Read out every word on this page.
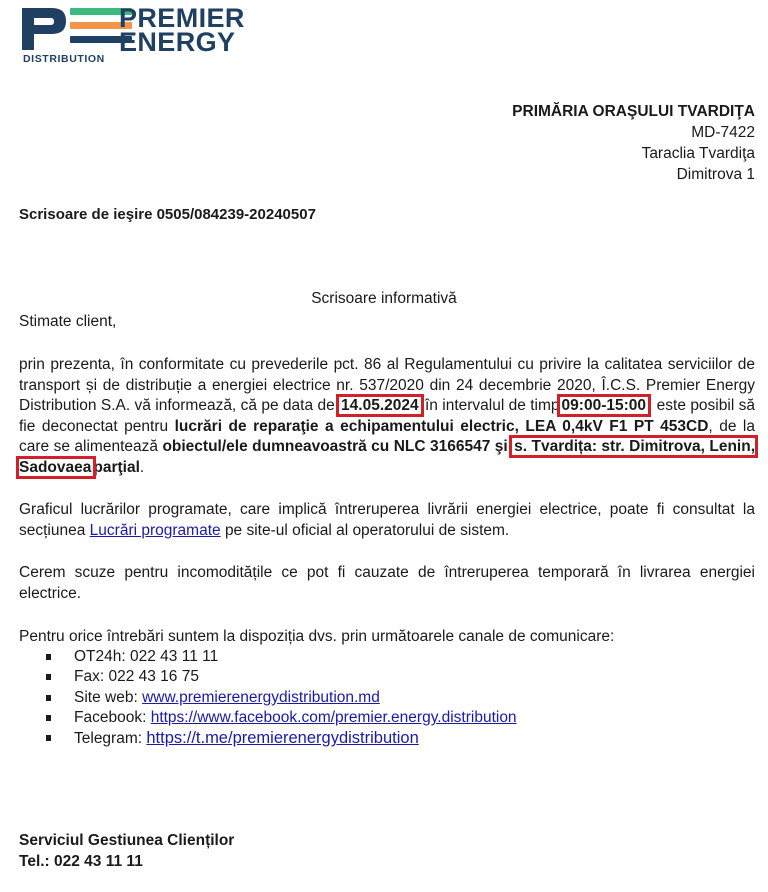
DISTRIBUTION
PREMIER
ENERGY
PRIMĂRIA ORAŞULUI TVARDIŢA
MD-7422
Taraclia Tvardiţa
Dimitrova 1
Scrisoare de ieşire 0505/084239-20240507
Scrisoare informativă
Stimate client,
prin prezenta, în conformitate cu prevederile pct. 86 al Regulamentului cu privire la calitatea serviciilor de transport și de distribuție a energiei electrice nr. 537/2020 din 24 decembrie 2020, Î.C.S. Premier Energy Distribution S.A. vă informează, că pe data de 14.05.2024 în intervalul de timp 09:00-15:00 , este posibil să fie deconectat pentru lucrări de reparaţie a echipamentului electric, LEA 0,4kV F1 PT 453CD, de la care se alimentează obiectul/ele dumneavoastră cu NLC 3166547 şi s. Tvardița: str. Dimitrova, Lenin, Sadovaea parţial.
Graficul lucrărilor programate, care implică întreruperea livrării energiei electrice, poate fi consultat la secțiunea Lucrări programate pe site-ul oficial al operatorului de sistem.
Cerem scuze pentru incomoditățile ce pot fi cauzate de întreruperea temporară în livrarea energiei electrice.
Pentru orice întrebări suntem la dispoziția dvs. prin următoarele canale de comunicare:
OT24h: 022 43 11 11
Fax: 022 43 16 75
Site web: www.premierenergydistribution.md
Facebook: https://www.facebook.com/premier.energy.distribution
Telegram: https://t.me/premierenergydistribution
Serviciul Gestiunea Clienților
Tel.: 022 43 11 11
